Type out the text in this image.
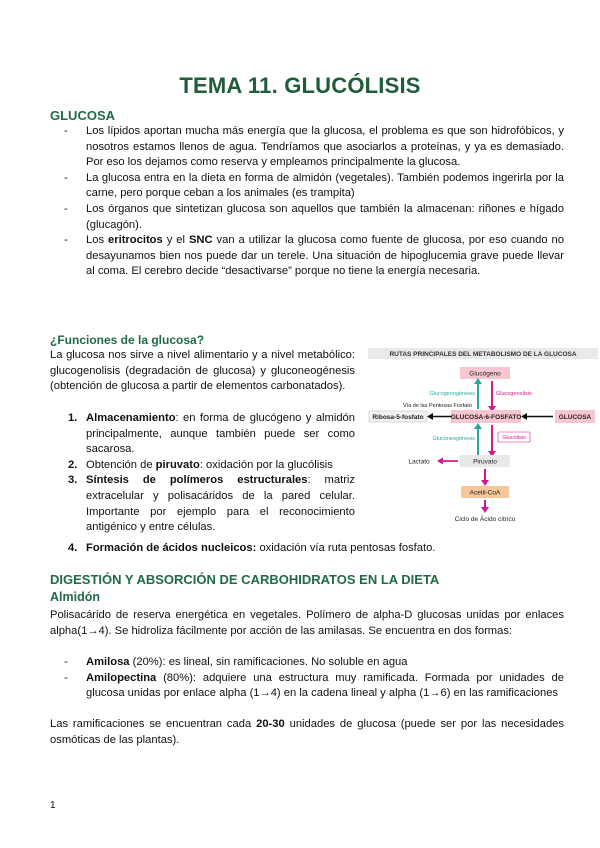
TEMA 11. GLUCÓLISIS
GLUCOSA
- Los lípidos aportan mucha más energía que la glucosa, el problema es que son hidrofóbicos, y nosotros estamos llenos de agua. Tendríamos que asociarlos a proteínas, y ya es demasiado. Por eso los dejamos como reserva y empleamos principalmente la glucosa.
- La glucosa entra en la dieta en forma de almidón (vegetales). También podemos ingerirla por la carne, pero porque ceban a los animales (es trampita)
- Los órganos que sintetizan glucosa son aquellos que también la almacenan: riñones e hígado (glucagón).
- Los eritrocitos y el SNC van a utilizar la glucosa como fuente de glucosa, por eso cuando no desayunamos bien nos puede dar un terele. Una situación de hipoglucemia grave puede llevar al coma. El cerebro decide “desactivarse” porque no tiene la energía necesaria.
¿Funciones de la glucosa?
La glucosa nos sirve a nivel alimentario y a nivel metabólico: glucogenolisis (degradación de glucosa) y gluconeogénesis (obtención de glucosa a partir de elementos carbonatados).
1. Almacenamiento: en forma de glucógeno y almidón principalmente, aunque también puede ser como sacarosa.
2. Obtención de piruvato: oxidación por la glucólisis
3. Síntesis de polímeros estructurales: matriz extracelular y polisacáridos de la pared celular. Importante por ejemplo para el reconocimiento antigénico y entre células.
4. Formación de ácidos nucleicos: oxidación vía ruta pentosas fosfato.
RUTAS PRINCIPALES DEL METABOLISMO DE LA GLUCOSA
Glucógeno
Glucogenogénesis	Glucogenolisis
Vía de las Pentosas Fosfato
Ribosa-5-fosfato	GLUCOSA-6-FOSFATO	GLUCOSA
Gluconeogénesis	Glucólisis
Piruvato
Lactato
Acetil-CoA
Ciclo de Ácido cítrico
DIGESTIÓN Y ABSORCIÓN DE CARBOHIDRATOS EN LA DIETA
Almidón
Polisacárido de reserva energética en vegetales. Polímero de alpha-D glucosas unidas por enlaces alpha(1→4). Se hidroliza fácilmente por acción de las amilasas. Se encuentra en dos formas:
- Amilosa (20%): es lineal, sin ramificaciones. No soluble en agua
- Amilopectina (80%): adquiere una estructura muy ramificada. Formada por unidades de glucosa unidas por enlace alpha (1→4) en la cadena lineal y alpha (1→6) en las ramificaciones
Las ramificaciones se encuentran cada 20-30 unidades de glucosa (puede ser por las necesidades osmóticas de las plantas).
1
